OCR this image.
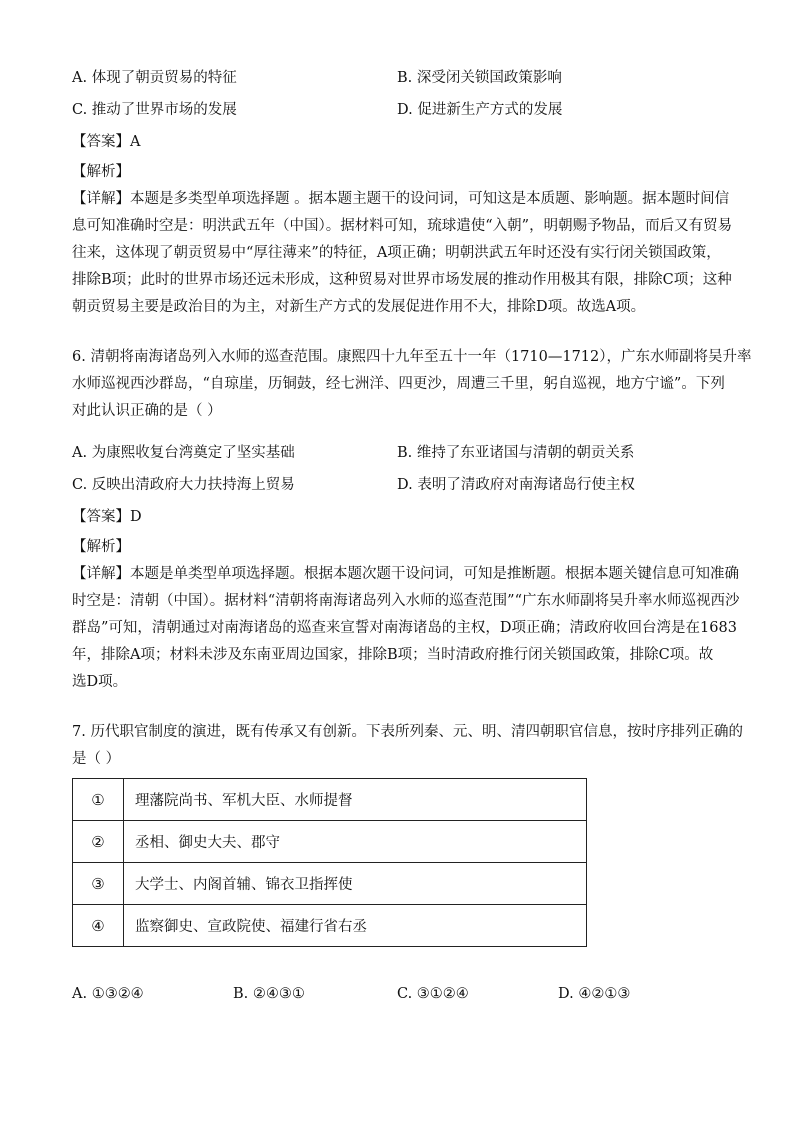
A. 体现了朝贡贸易的特征	B. 深受闭关锁国政策影响
C. 推动了世界市场的发展	D. 促进新生产方式的发展
【答案】A
【解析】
【详解】本题是多类型单项选择题 。据本题主题干的设问词，可知这是本质题、影响题。据本题时间信
息可知准确时空是：明洪武五年（中国）。据材料可知，琉球遣使“入朝”，明朝赐予物品，而后又有贸易
往来，这体现了朝贡贸易中“厚往薄来”的特征，A项正确；明朝洪武五年时还没有实行闭关锁国政策，
排除B项；此时的世界市场还远未形成，这种贸易对世界市场发展的推动作用极其有限，排除C项；这种
朝贡贸易主要是政治目的为主，对新生产方式的发展促进作用不大，排除D项。故选A项。
6. 清朝将南海诸岛列入水师的巡查范围。康熙四十九年至五十一年（1710—1712），广东水师副将吴升率
水师巡视西沙群岛，“自琼崖，历铜鼓，经七洲洋、四更沙，周遭三千里，躬自巡视，地方宁谧”。下列
对此认识正确的是（ ）
A. 为康熙收复台湾奠定了坚实基础	B. 维持了东亚诸国与清朝的朝贡关系
C. 反映出清政府大力扶持海上贸易	D. 表明了清政府对南海诸岛行使主权
【答案】D
【解析】
【详解】本题是单类型单项选择题。根据本题次题干设问词，可知是推断题。根据本题关键信息可知准确
时空是：清朝（中国）。据材料“清朝将南海诸岛列入水师的巡查范围”“广东水师副将吴升率水师巡视西沙
群岛”可知，清朝通过对南海诸岛的巡查来宣誓对南海诸岛的主权，D项正确；清政府收回台湾是在1683
年，排除A项；材料未涉及东南亚周边国家，排除B项；当时清政府推行闭关锁国政策，排除C项。故
选D项。
7. 历代职官制度的演进，既有传承又有创新。下表所列秦、元、明、清四朝职官信息，按时序排列正确的
是（ ）
①	理藩院尚书、军机大臣、水师提督
②	丞相、御史大夫、郡守
③	大学士、内阁首辅、锦衣卫指挥使
④	监察御史、宣政院使、福建行省右丞
A. ①③②④	B. ②④③①	C. ③①②④	D. ④②①③
